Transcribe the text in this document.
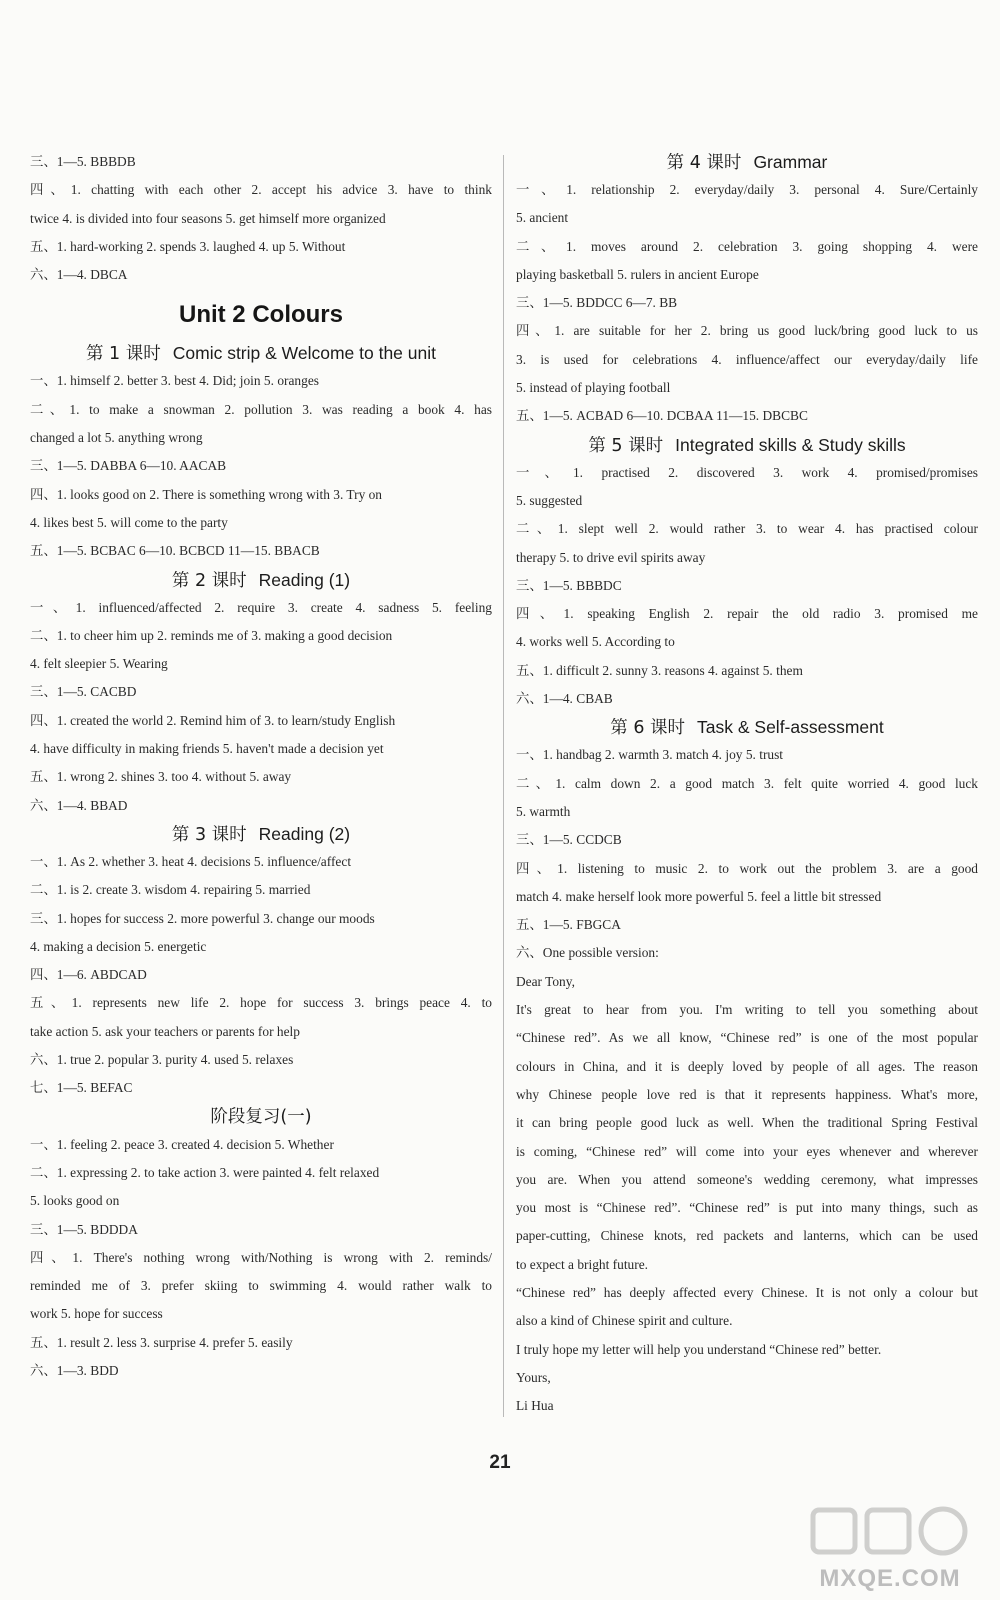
三、1—5. BBBDB
四、1. chatting with each other 2. accept his advice 3. have to think
twice 4. is divided into four seasons 5. get himself more organized
五、1. hard-working 2. spends 3. laughed 4. up 5. Without
六、1—4. DBCA
Unit 2 Colours
第 1 课时 Comic strip & Welcome to the unit
一、1. himself 2. better 3. best 4. Did; join 5. oranges
二、1. to make a snowman 2. pollution 3. was reading a book 4. has
changed a lot 5. anything wrong
三、1—5. DABBA 6—10. AACAB
四、1. looks good on 2. There is something wrong with 3. Try on
4. likes best 5. will come to the party
五、1—5. BCBAC 6—10. BCBCD 11—15. BBACB
第 2 课时 Reading (1)
一、1. influenced/affected 2. require 3. create 4. sadness 5. feeling
二、1. to cheer him up 2. reminds me of 3. making a good decision
4. felt sleepier 5. Wearing
三、1—5. CACBD
四、1. created the world 2. Remind him of 3. to learn/study English
4. have difficulty in making friends 5. haven't made a decision yet
五、1. wrong 2. shines 3. too 4. without 5. away
六、1—4. BBAD
第 3 课时 Reading (2)
一、1. As 2. whether 3. heat 4. decisions 5. influence/affect
二、1. is 2. create 3. wisdom 4. repairing 5. married
三、1. hopes for success 2. more powerful 3. change our moods
4. making a decision 5. energetic
四、1—6. ABDCAD
五、1. represents new life 2. hope for success 3. brings peace 4. to
take action 5. ask your teachers or parents for help
六、1. true 2. popular 3. purity 4. used 5. relaxes
七、1—5. BEFAC
阶段复习(一)
一、1. feeling 2. peace 3. created 4. decision 5. Whether
二、1. expressing 2. to take action 3. were painted 4. felt relaxed
5. looks good on
三、1—5. BDDDA
四、1. There's nothing wrong with/Nothing is wrong with 2. reminds/
reminded me of 3. prefer skiing to swimming 4. would rather walk to
work 5. hope for success
五、1. result 2. less 3. surprise 4. prefer 5. easily
六、1—3. BDD
第 4 课时 Grammar
一、1. relationship 2. everyday/daily 3. personal 4. Sure/Certainly
5. ancient
二、1. moves around 2. celebration 3. going shopping 4. were
playing basketball 5. rulers in ancient Europe
三、1—5. BDDCC 6—7. BB
四、1. are suitable for her 2. bring us good luck/bring good luck to us
3. is used for celebrations 4. influence/affect our everyday/daily life
5. instead of playing football
五、1—5. ACBAD 6—10. DCBAA 11—15. DBCBC
第 5 课时 Integrated skills & Study skills
一、1. practised 2. discovered 3. work 4. promised/promises
5. suggested
二、1. slept well 2. would rather 3. to wear 4. has practised colour
therapy 5. to drive evil spirits away
三、1—5. BBBDC
四、1. speaking English 2. repair the old radio 3. promised me
4. works well 5. According to
五、1. difficult 2. sunny 3. reasons 4. against 5. them
六、1—4. CBAB
第 6 课时 Task & Self-assessment
一、1. handbag 2. warmth 3. match 4. joy 5. trust
二、1. calm down 2. a good match 3. felt quite worried 4. good luck
5. warmth
三、1—5. CCDCB
四、1. listening to music 2. to work out the problem 3. are a good
match 4. make herself look more powerful 5. feel a little bit stressed
五、1—5. FBGCA
六、One possible version:
Dear Tony,
It's great to hear from you. I'm writing to tell you something about
“Chinese red”. As we all know, “Chinese red” is one of the most popular
colours in China, and it is deeply loved by people of all ages. The reason
why Chinese people love red is that it represents happiness. What's more,
it can bring people good luck as well. When the traditional Spring Festival
is coming, “Chinese red” will come into your eyes whenever and wherever
you are. When you attend someone's wedding ceremony, what impresses
you most is “Chinese red”. “Chinese red” is put into many things, such as
paper-cutting, Chinese knots, red packets and lanterns, which can be used
to expect a bright future.
“Chinese red” has deeply affected every Chinese. It is not only a colour but
also a kind of Chinese spirit and culture.
I truly hope my letter will help you understand “Chinese red” better.
Yours,
Li Hua
21
MXQE.COM
